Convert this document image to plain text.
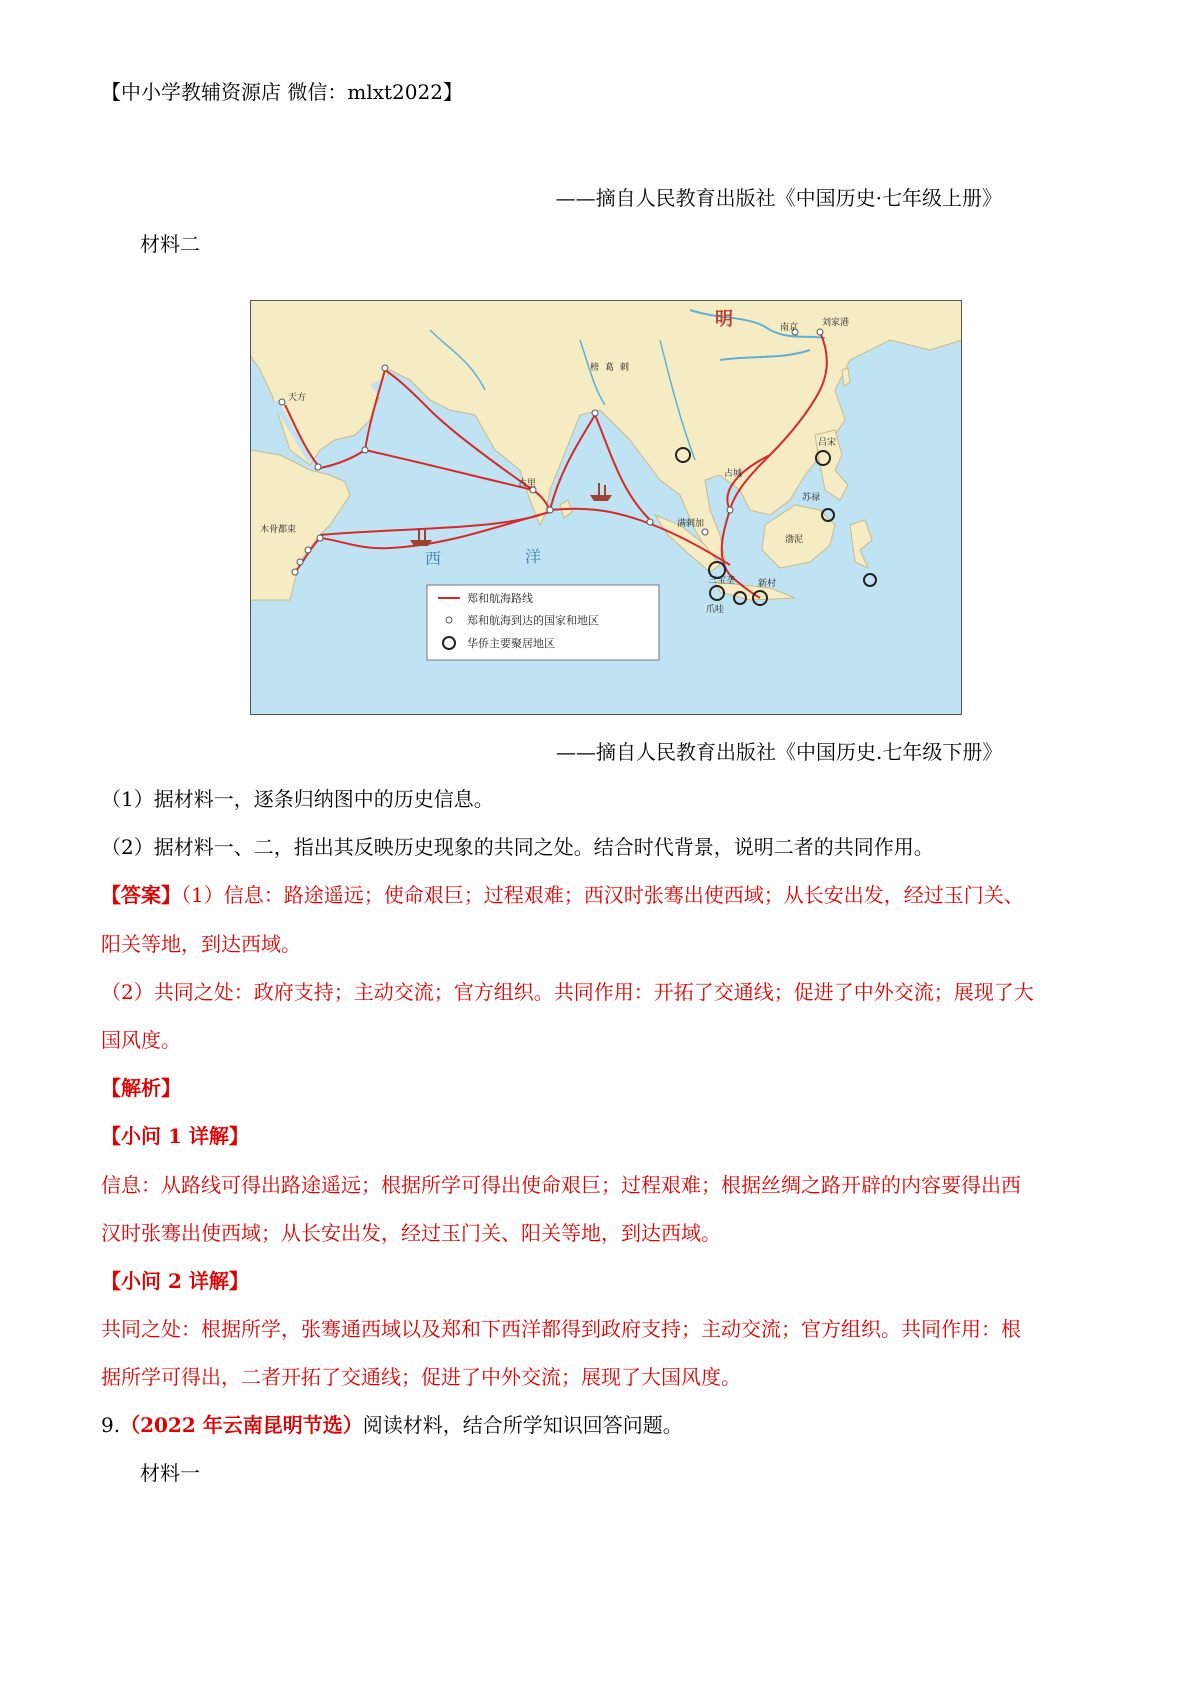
【中小学教辅资源店 微信：mlxt2022】
——摘自人民教育出版社《中国历史·七年级上册》
材料二
明	南京	刘家港
天方
榜葛剌
古里
木骨都束
占城
吕宋
苏禄
渤泥
满剌加
三宝垄	新村
爪哇
西	洋
郑和航海路线
郑和航海到达的国家和地区
华侨主要聚居地区
——摘自人民教育出版社《中国历史.七年级下册》
（1）据材料一，逐条归纳图中的历史信息。
（2）据材料一、二，指出其反映历史现象的共同之处。结合时代背景，说明二者的共同作用。
【答案】（1）信息：路途遥远；使命艰巨；过程艰难；西汉时张骞出使西域；从长安出发，经过玉门关、
阳关等地，到达西域。
（2）共同之处：政府支持；主动交流；官方组织。共同作用：开拓了交通线；促进了中外交流；展现了大
国风度。
【解析】
【小问 1 详解】
信息：从路线可得出路途遥远；根据所学可得出使命艰巨；过程艰难；根据丝绸之路开辟的内容要得出西
汉时张骞出使西域；从长安出发，经过玉门关、阳关等地，到达西域。
【小问 2 详解】
共同之处：根据所学，张骞通西域以及郑和下西洋都得到政府支持；主动交流；官方组织。共同作用：根
据所学可得出，二者开拓了交通线；促进了中外交流；展现了大国风度。
9.（2022 年云南昆明节选）阅读材料，结合所学知识回答问题。
材料一
